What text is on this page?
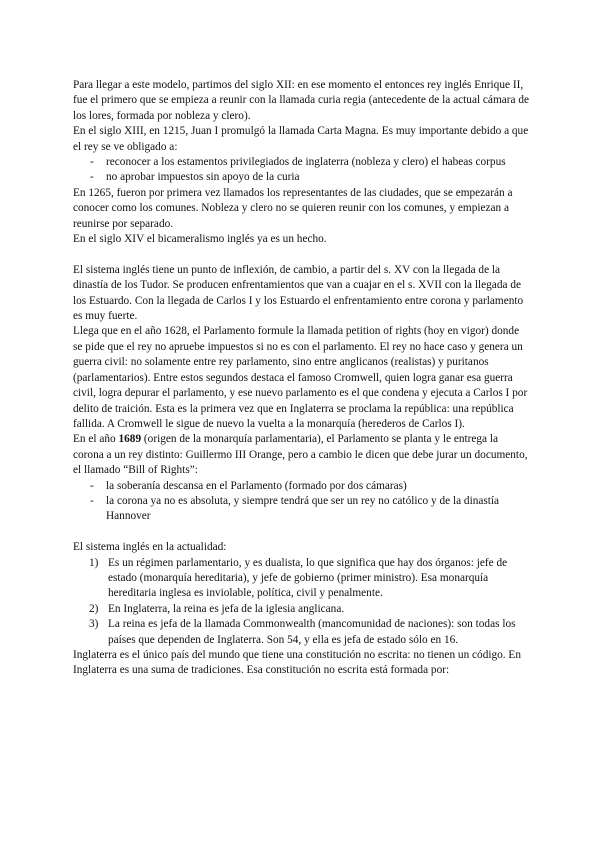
Para llegar a este modelo, partimos del siglo XII: en ese momento el entonces rey inglés Enrique II, fue el primero que se empieza a reunir con la llamada curia regia (antecedente de la actual cámara de los lores, formada por nobleza y clero).

En el siglo XIII, en 1215, Juan I promulgó la llamada Carta Magna. Es muy importante debido a que el rey se ve obligado a:

- reconocer a los estamentos privilegiados de inglaterra (nobleza y clero) el habeas corpus
- no aprobar impuestos sin apoyo de la curia

En 1265, fueron por primera vez llamados los representantes de las ciudades, que se empezarán a conocer como los comunes. Nobleza y clero no se quieren reunir con los comunes, y empiezan a reunirse por separado.

En el siglo XIV el bicameralismo inglés ya es un hecho.

El sistema inglés tiene un punto de inflexión, de cambio, a partir del s. XV con la llegada de la dinastía de los Tudor. Se producen enfrentamientos que van a cuajar en el s. XVII con la llegada de los Estuardo. Con la llegada de Carlos I y los Estuardo el enfrentamiento entre corona y parlamento es muy fuerte.

Llega que en el año 1628, el Parlamento formule la llamada petition of rights (hoy en vigor) donde se pide que el rey no apruebe impuestos si no es con el parlamento. El rey no hace caso y genera un guerra civil: no solamente entre rey parlamento, sino entre anglicanos (realistas) y puritanos (parlamentarios). Entre estos segundos destaca el famoso Cromwell, quien logra ganar esa guerra civil, logra depurar el parlamento, y ese nuevo parlamento es el que condena y ejecuta a Carlos I por delito de traición. Esta es la primera vez que en Inglaterra se proclama la república: una república fallida. A Cromwell le sigue de nuevo la vuelta a la monarquía (herederos de Carlos I).

En el año 1689 (origen de la monarquía parlamentaria), el Parlamento se planta y le entrega la corona a un rey distinto: Guillermo III Orange, pero a cambio le dicen que debe jurar un documento, el llamado “Bill of Rights”:

- la soberanía descansa en el Parlamento (formado por dos cámaras)
- la corona ya no es absoluta, y siempre tendrá que ser un rey no católico y de la dinastía Hannover

El sistema inglés en la actualidad:

1) Es un régimen parlamentario, y es dualista, lo que significa que hay dos órganos: jefe de estado (monarquía hereditaria), y jefe de gobierno (primer ministro). Esa monarquía hereditaria inglesa es inviolable, política, civil y penalmente.
2) En Inglaterra, la reina es jefa de la iglesia anglicana.
3) La reina es jefa de la llamada Commonwealth (mancomunidad de naciones): son todas los países que dependen de Inglaterra. Son 54, y ella es jefa de estado sólo en 16.

Inglaterra es el único país del mundo que tiene una constitución no escrita: no tienen un código. En Inglaterra es una suma de tradiciones. Esa constitución no escrita está formada por:
